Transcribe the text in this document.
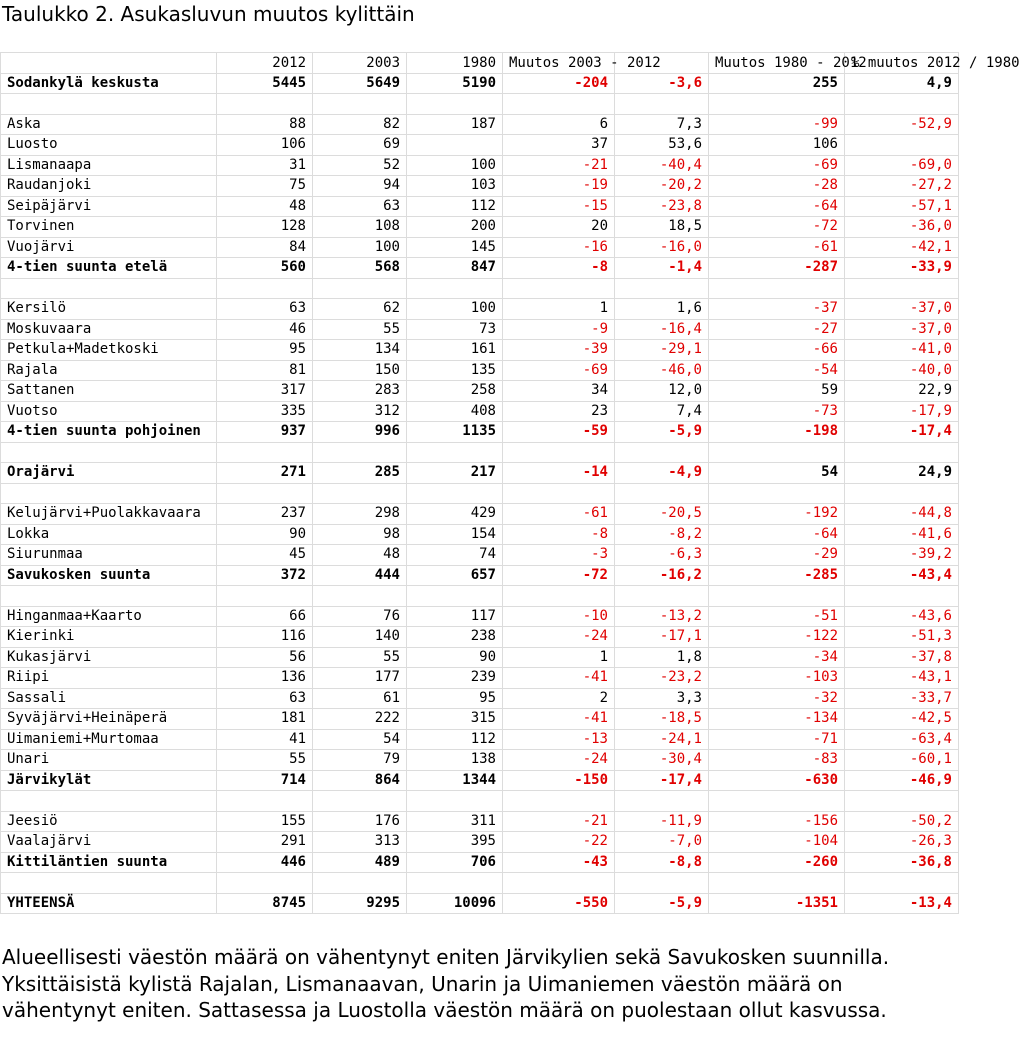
Taulukko 2. Asukasluvun muutos kylittäin
	2012	2003	1980	Muutos 2003 - 2012		Muutos 1980 - 2012	% muutos 2012 / 1980
Sodankylä keskusta	5445	5649	5190	-204	-3,6	255	4,9

Aska	88	82	187	6	7,3	-99	-52,9
Luosto	106	69		37	53,6	106	
Lismanaapa	31	52	100	-21	-40,4	-69	-69,0
Raudanjoki	75	94	103	-19	-20,2	-28	-27,2
Seipäjärvi	48	63	112	-15	-23,8	-64	-57,1
Torvinen	128	108	200	20	18,5	-72	-36,0
Vuojärvi	84	100	145	-16	-16,0	-61	-42,1
4-tien suunta etelä	560	568	847	-8	-1,4	-287	-33,9

Kersilö	63	62	100	1	1,6	-37	-37,0
Moskuvaara	46	55	73	-9	-16,4	-27	-37,0
Petkula+Madetkoski	95	134	161	-39	-29,1	-66	-41,0
Rajala	81	150	135	-69	-46,0	-54	-40,0
Sattanen	317	283	258	34	12,0	59	22,9
Vuotso	335	312	408	23	7,4	-73	-17,9
4-tien suunta pohjoinen	937	996	1135	-59	-5,9	-198	-17,4

Orajärvi	271	285	217	-14	-4,9	54	24,9

Kelujärvi+Puolakkavaara	237	298	429	-61	-20,5	-192	-44,8
Lokka	90	98	154	-8	-8,2	-64	-41,6
Siurunmaa	45	48	74	-3	-6,3	-29	-39,2
Savukosken suunta	372	444	657	-72	-16,2	-285	-43,4

Hinganmaa+Kaarto	66	76	117	-10	-13,2	-51	-43,6
Kierinki	116	140	238	-24	-17,1	-122	-51,3
Kukasjärvi	56	55	90	1	1,8	-34	-37,8
Riipi	136	177	239	-41	-23,2	-103	-43,1
Sassali	63	61	95	2	3,3	-32	-33,7
Syväjärvi+Heinäperä	181	222	315	-41	-18,5	-134	-42,5
Uimaniemi+Murtomaa	41	54	112	-13	-24,1	-71	-63,4
Unari	55	79	138	-24	-30,4	-83	-60,1
Järvikylät	714	864	1344	-150	-17,4	-630	-46,9

Jeesiö	155	176	311	-21	-11,9	-156	-50,2
Vaalajärvi	291	313	395	-22	-7,0	-104	-26,3
Kittiläntien suunta	446	489	706	-43	-8,8	-260	-36,8

YHTEENSÄ	8745	9295	10096	-550	-5,9	-1351	-13,4
Alueellisesti väestön määrä on vähentynyt eniten Järvikylien sekä Savukosken suunnilla. Yksittäisistä kylistä Rajalan, Lismanaavan, Unarin ja Uimaniemen väestön määrä on vähentynyt eniten. Sattasessa ja Luostolla väestön määrä on puolestaan ollut kasvussa.
